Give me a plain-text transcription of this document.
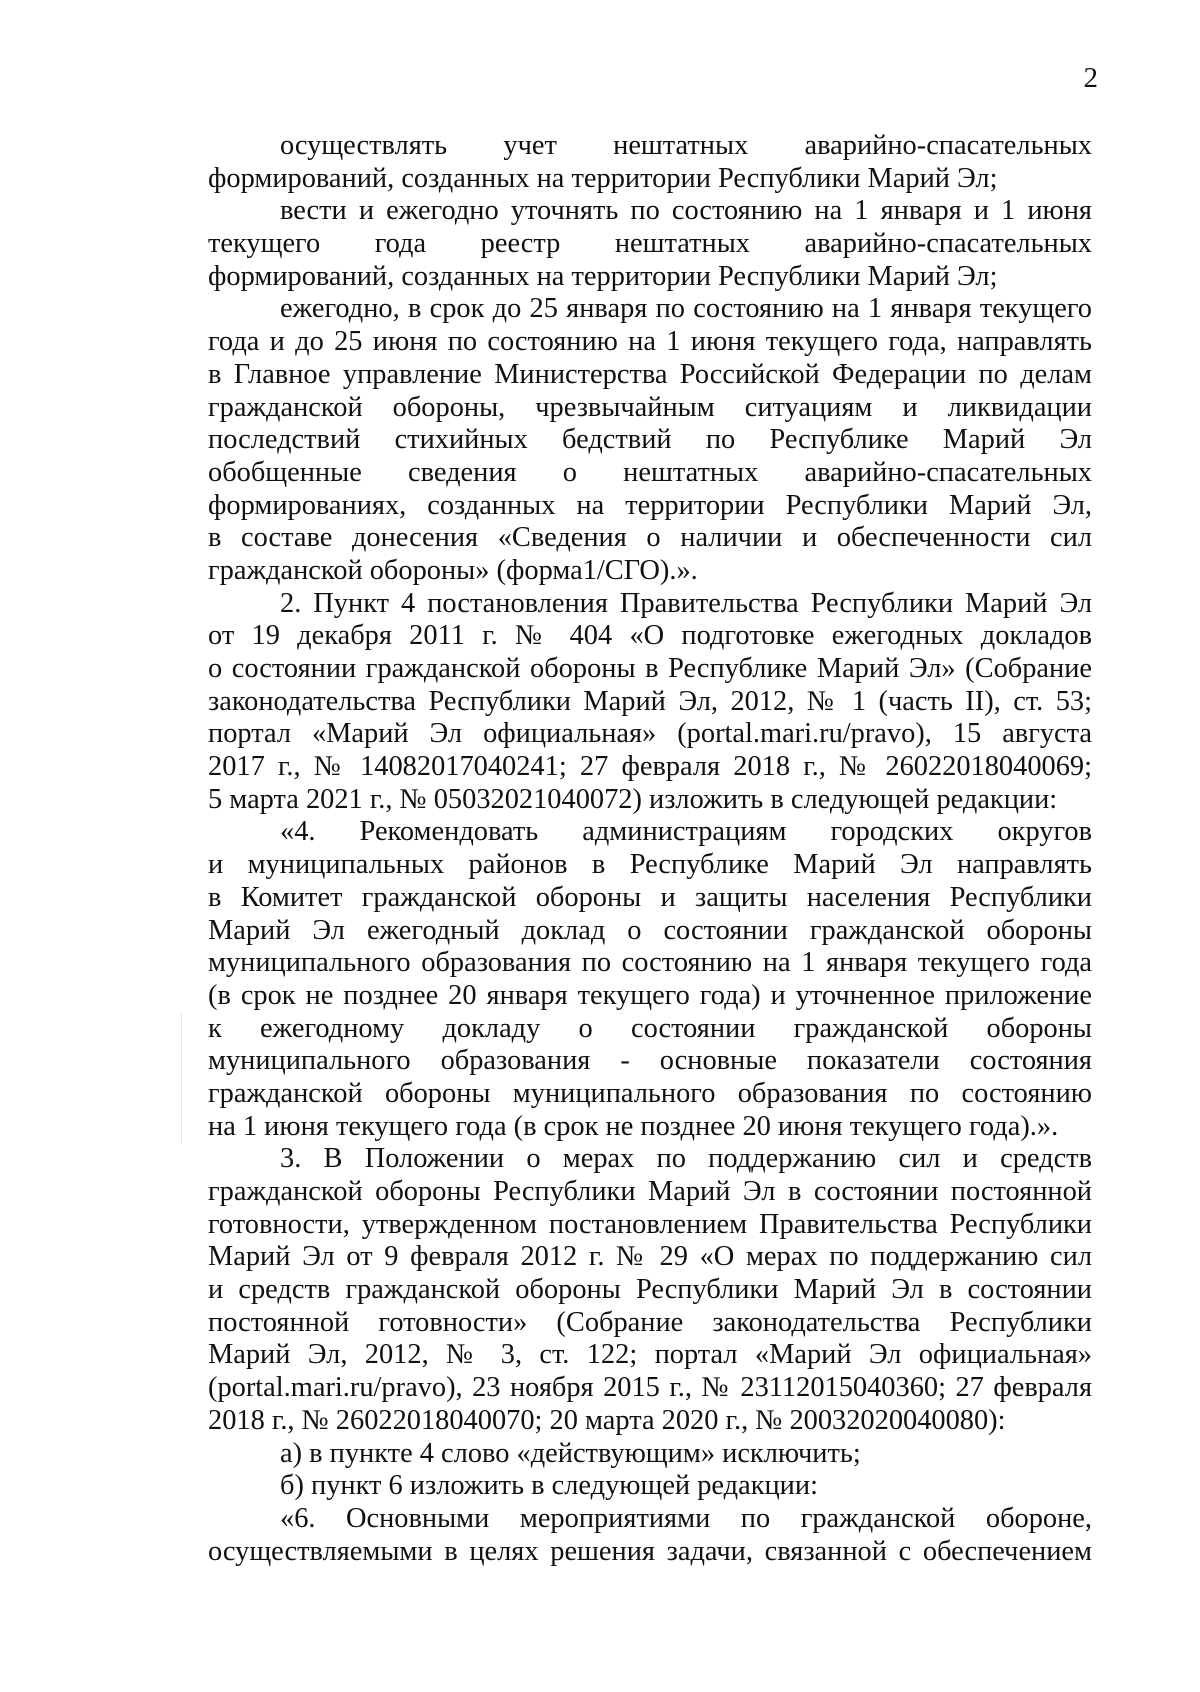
2
осуществлять учет нештатных аварийно-спасательных
формирований, созданных на территории Республики Марий Эл;
вести и ежегодно уточнять по состоянию на 1 января и 1 июня
текущего года реестр нештатных аварийно-спасательных
формирований, созданных на территории Республики Марий Эл;
ежегодно, в срок до 25 января по состоянию на 1 января текущего
года и до 25 июня по состоянию на 1 июня текущего года, направлять
в Главное управление Министерства Российской Федерации по делам
гражданской обороны, чрезвычайным ситуациям и ликвидации
последствий стихийных бедствий по Республике Марий Эл
обобщенные сведения о нештатных аварийно-спасательных
формированиях, созданных на территории Республики Марий Эл,
в составе донесения «Сведения о наличии и обеспеченности сил
гражданской обороны» (форма1/СГО).».
2. Пункт 4 постановления Правительства Республики Марий Эл
от 19 декабря 2011 г. № 404 «О подготовке ежегодных докладов
о состоянии гражданской обороны в Республике Марий Эл» (Собрание
законодательства Республики Марий Эл, 2012, № 1 (часть II), ст. 53;
портал «Марий Эл официальная» (portal.mari.ru/pravo), 15 августа
2017 г., № 14082017040241; 27 февраля 2018 г., № 26022018040069;
5 марта 2021 г., № 05032021040072) изложить в следующей редакции:
«4. Рекомендовать администрациям городских округов
и муниципальных районов в Республике Марий Эл направлять
в Комитет гражданской обороны и защиты населения Республики
Марий Эл ежегодный доклад о состоянии гражданской обороны
муниципального образования по состоянию на 1 января текущего года
(в срок не позднее 20 января текущего года) и уточненное приложение
к ежегодному докладу о состоянии гражданской обороны
муниципального образования - основные показатели состояния
гражданской обороны муниципального образования по состоянию
на 1 июня текущего года (в срок не позднее 20 июня текущего года).».
3. В Положении о мерах по поддержанию сил и средств
гражданской обороны Республики Марий Эл в состоянии постоянной
готовности, утвержденном постановлением Правительства Республики
Марий Эл от 9 февраля 2012 г. № 29 «О мерах по поддержанию сил
и средств гражданской обороны Республики Марий Эл в состоянии
постоянной готовности» (Собрание законодательства Республики
Марий Эл, 2012, № 3, ст. 122; портал «Марий Эл официальная»
(portal.mari.ru/pravo), 23 ноября 2015 г., № 23112015040360; 27 февраля
2018 г., № 26022018040070; 20 марта 2020 г., № 20032020040080):
а) в пункте 4 слово «действующим» исключить;
б) пункт 6 изложить в следующей редакции:
«6. Основными мероприятиями по гражданской обороне,
осуществляемыми в целях решения задачи, связанной с обеспечением
